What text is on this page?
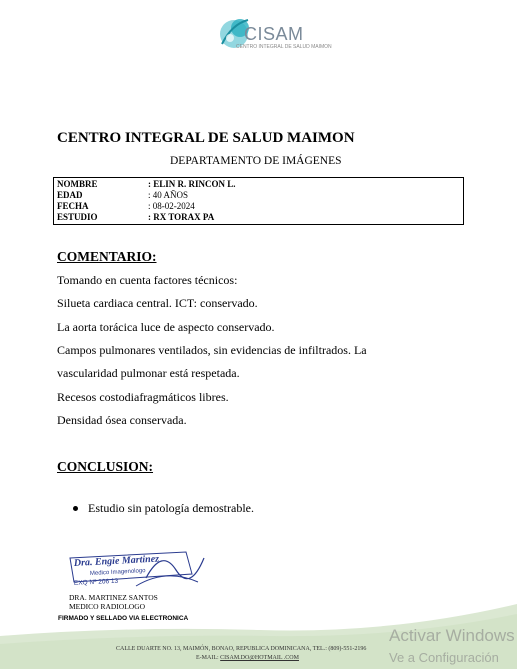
CISAM
CENTRO INTEGRAL DE SALUD MAIMON
CENTRO INTEGRAL DE SALUD MAIMON
DEPARTAMENTO DE IMÁGENES
NOMBRE	: ELIN R. RINCON L.
EDAD	: 40 AÑOS
FECHA	: 08-02-2024
ESTUDIO	: RX TORAX PA
COMENTARIO:
Tomando en cuenta factores técnicos:
Silueta cardiaca central. ICT: conservado.
La aorta torácica luce de aspecto conservado.
Campos pulmonares ventilados, sin evidencias de infiltrados. La
vascularidad pulmonar está respetada.
Recesos costodiafragmáticos libres.
Densidad ósea conservada.
CONCLUSION:
Estudio sin patología demostrable.
Dra. Engie Martinez
Medico Imagenologo
EXQ Nº 206 13
DRA. MARTINEZ SANTOS
MEDICO RADIOLOGO
FIRMADO Y SELLADO VIA ELECTRONICA
CALLE DUARTE NO. 13, MAIMÓN, BONAO, REPUBLICA DOMINICANA, TEL.: (809)-551-2196
E-MAIL: CISAM.DO@HOTMAIL .COM
Activar Windows
Ve a Configuración
